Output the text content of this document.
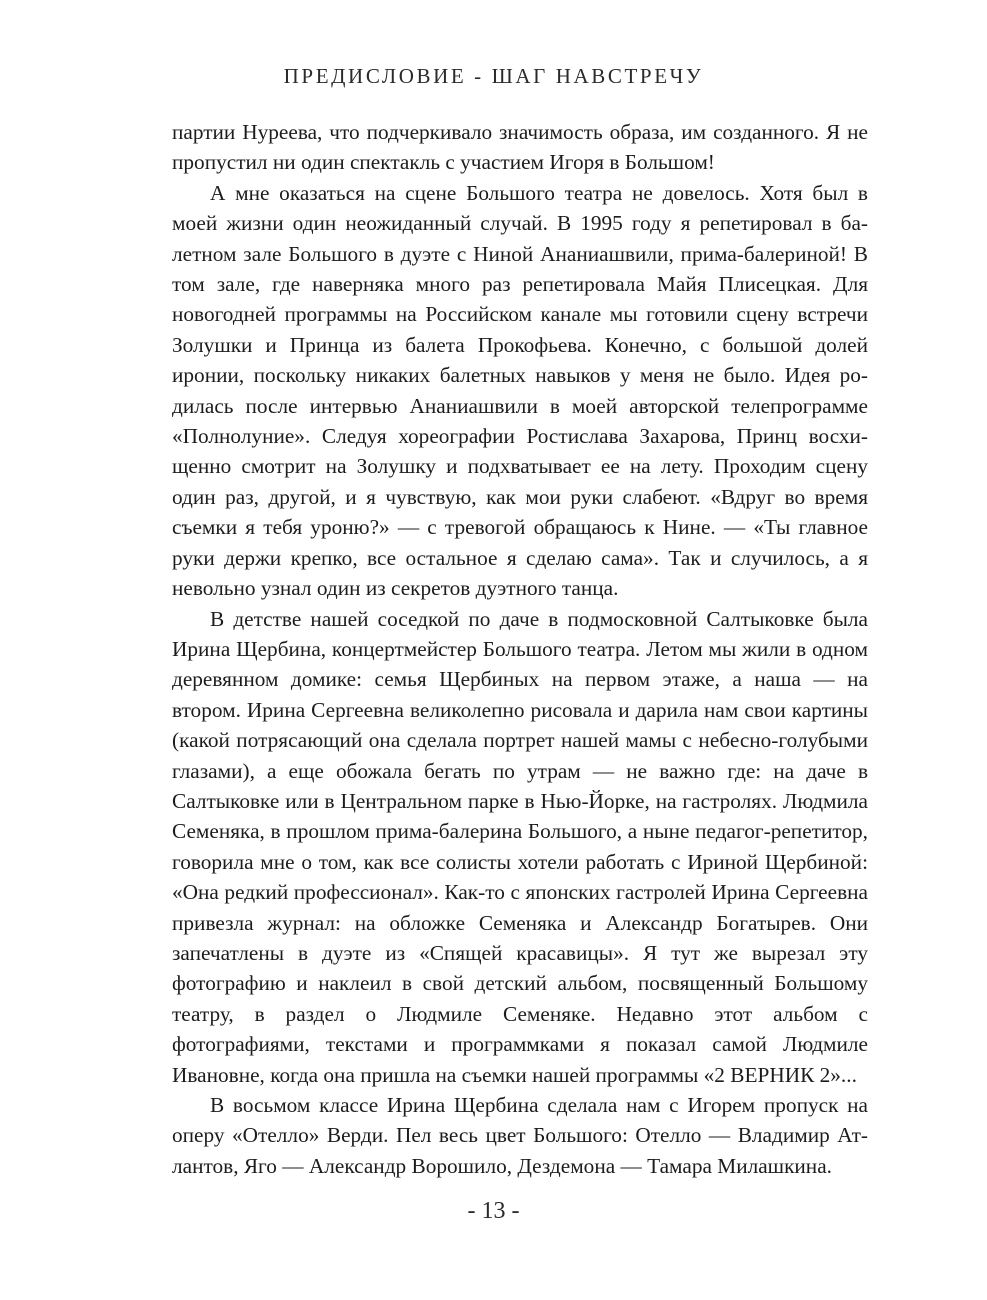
ПРЕДИСЛОВИЕ - ШАГ НАВСТРЕЧУ

партии Нуреева, что подчеркивало значимость образа, им созданного. Я не пропустил ни один спектакль с участием Игоря в Большом!

А мне оказаться на сцене Большого театра не довелось. Хотя был в моей жизни один неожиданный случай. В 1995 году я репетировал в балетном зале Большого в дуэте с Ниной Ананиашвили, прима-балериной! В том зале, где наверняка много раз репетировала Майя Плисецкая. Для новогодней программы на Российском канале мы готовили сцену встречи Золушки и Принца из балета Прокофьева. Конечно, с большой долей иронии, поскольку никаких балетных навыков у меня не было. Идея родилась после интервью Ананиашвили в моей авторской телепрограмме «Полнолуние». Следуя хореографии Ростислава Захарова, Принц восхищенно смотрит на Золушку и подхватывает ее на лету. Проходим сцену один раз, другой, и я чувствую, как мои руки слабеют. «Вдруг во время съемки я тебя уроню?» — с тревогой обращаюсь к Нине. — «Ты главное руки держи крепко, все остальное я сделаю сама». Так и случилось, а я невольно узнал один из секретов дуэтного танца.

В детстве нашей соседкой по даче в подмосковной Салтыковке была Ирина Щербина, концертмейстер Большого театра. Летом мы жили в одном деревянном домике: семья Щербиных на первом этаже, а наша — на втором. Ирина Сергеевна великолепно рисовала и дарила нам свои картины (какой потрясающий она сделала портрет нашей мамы с небесно-голубыми глазами), а еще обожала бегать по утрам — не важно где: на даче в Салтыковке или в Центральном парке в Нью-Йорке, на гастролях. Людмила Семеняка, в прошлом прима-балерина Большого, а ныне педагог-репетитор, говорила мне о том, как все солисты хотели работать с Ириной Щербиной: «Она редкий профессионал». Как-то с японских гастролей Ирина Сергеевна привезла журнал: на обложке Семеняка и Александр Богатырев. Они запечатлены в дуэте из «Спящей красавицы». Я тут же вырезал эту фотографию и наклеил в свой детский альбом, посвященный Большому театру, в раздел о Людмиле Семеняке. Недавно этот альбом с фотографиями, текстами и программками я показал самой Людмиле Ивановне, когда она пришла на съемки нашей программы «2 ВЕРНИК 2»...

В восьмом классе Ирина Щербина сделала нам с Игорем пропуск на оперу «Отелло» Верди. Пел весь цвет Большого: Отелло — Владимир Атлантов, Яго — Александр Ворошило, Дездемона — Тамара Милашкина.

- 13 -
